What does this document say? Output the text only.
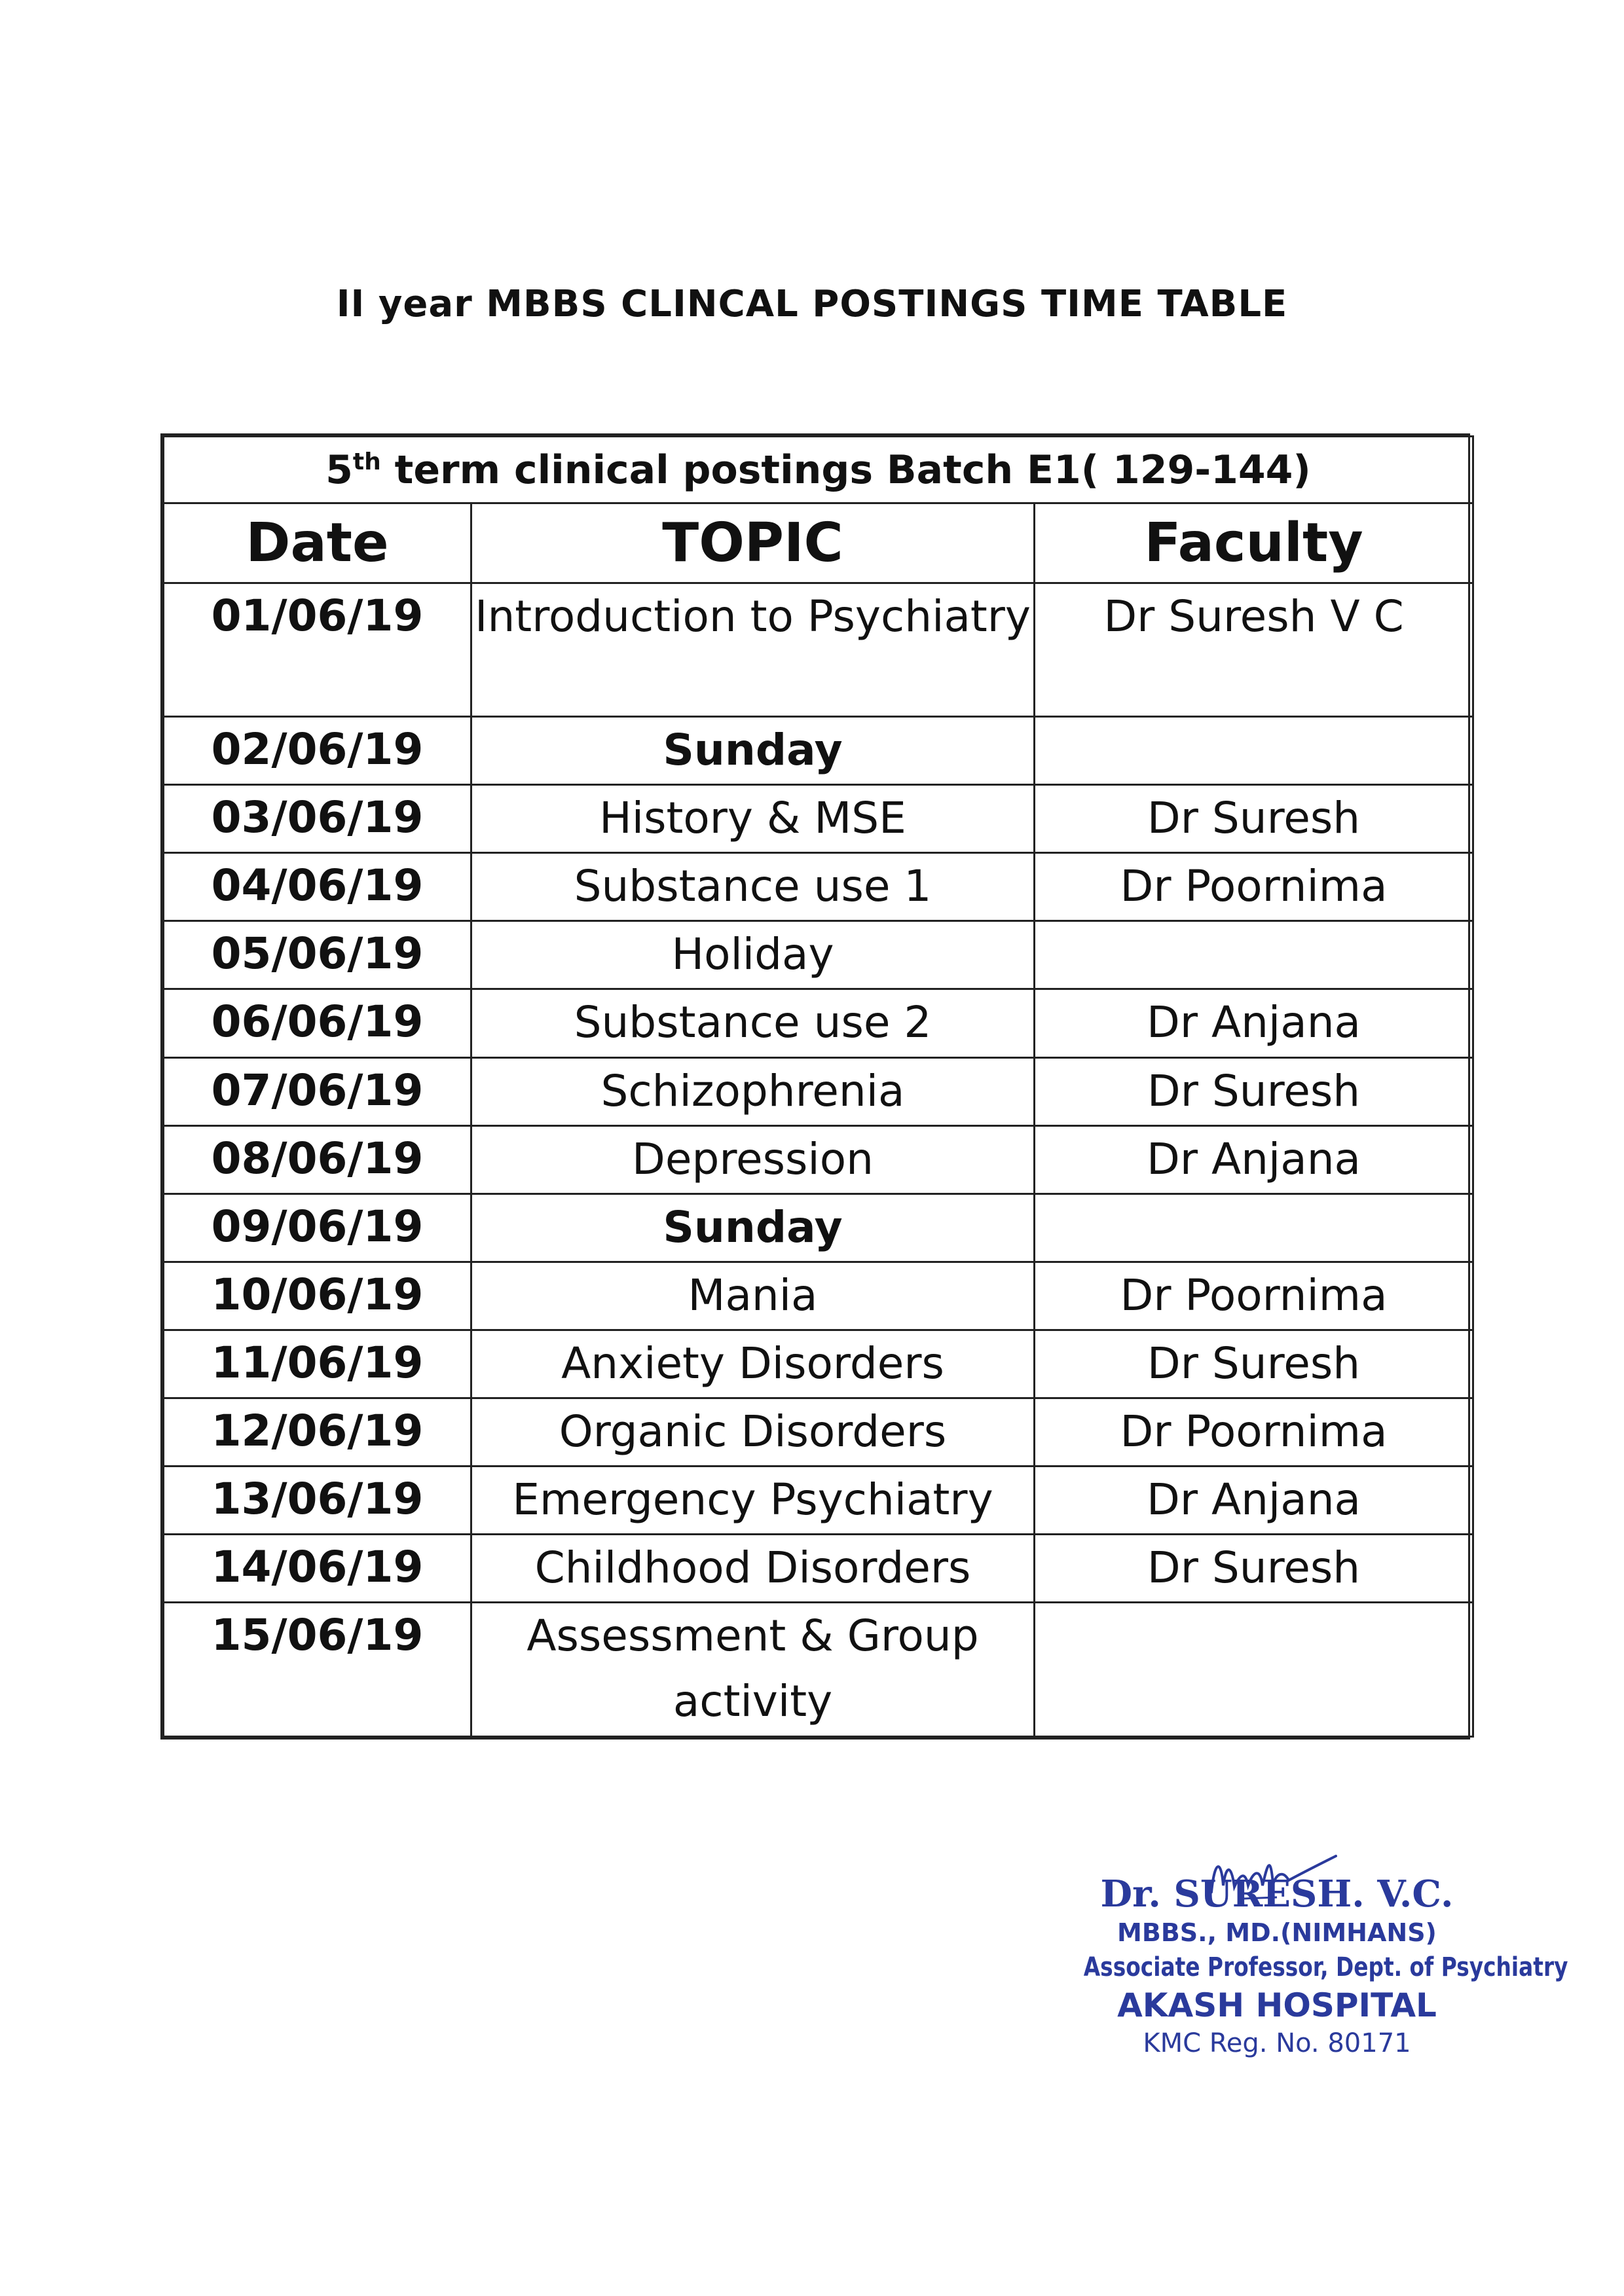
II year MBBS CLINCAL POSTINGS TIME TABLE
5th term clinical postings Batch E1( 129-144)		
Date	TOPIC	Faculty
01/06/19	Introduction to Psychiatry	Dr Suresh V C
02/06/19	Sunday	
03/06/19	History & MSE	Dr Suresh
04/06/19	Substance use 1	Dr Poornima
05/06/19	Holiday	
06/06/19	Substance use 2	Dr Anjana
07/06/19	Schizophrenia	Dr Suresh
08/06/19	Depression	Dr Anjana
09/06/19	Sunday	
10/06/19	Mania	Dr Poornima
11/06/19	Anxiety Disorders	Dr Suresh
12/06/19	Organic Disorders	Dr Poornima
13/06/19	Emergency Psychiatry	Dr Anjana
14/06/19	Childhood Disorders	Dr Suresh
15/06/19	Assessment & Group activity	
Dr. SURESH. V.C.
MBBS., MD.(NIMHANS)
Associate Professor, Dept. of Psychiatry
AKASH HOSPITAL
KMC Reg. No. 80171
